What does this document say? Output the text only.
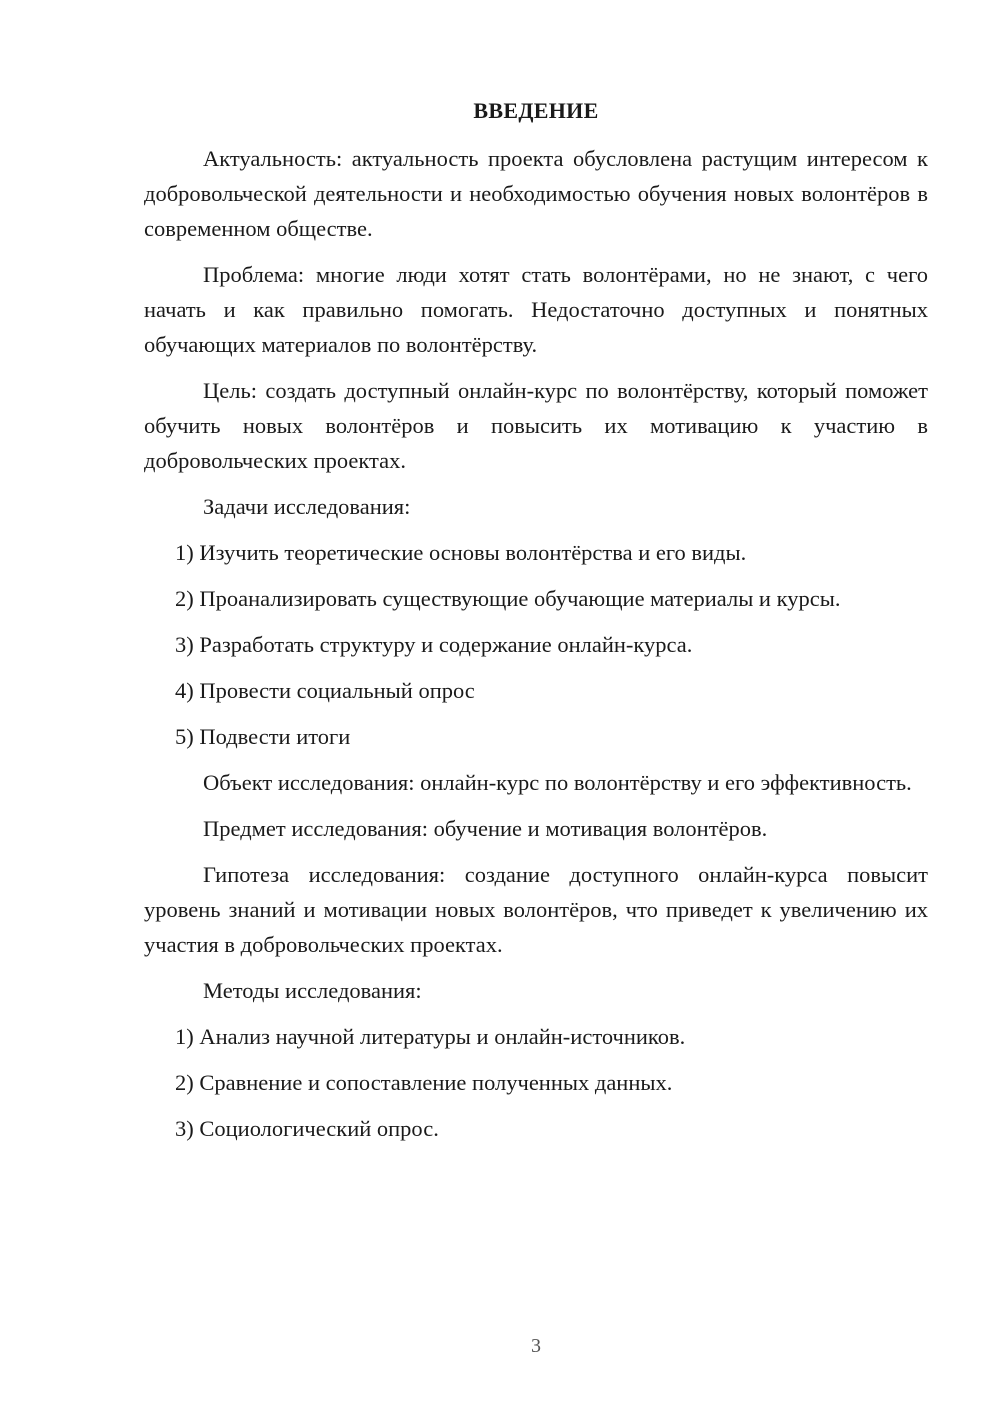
ВВЕДЕНИЕ

Актуальность: актуальность проекта обусловлена растущим интересом к добровольческой деятельности и необходимостью обучения новых волонтёров в современном обществе.

Проблема: многие люди хотят стать волонтёрами, но не знают, с чего начать и как правильно помогать. Недостаточно доступных и понятных обучающих материалов по волонтёрству.

Цель: создать доступный онлайн-курс по волонтёрству, который поможет обучить новых волонтёров и повысить их мотивацию к участию в добровольческих проектах.

Задачи исследования:

1) Изучить теоретические основы волонтёрства и его виды.

2) Проанализировать существующие обучающие материалы и курсы.

3) Разработать структуру и содержание онлайн-курса.

4) Провести социальный опрос

5) Подвести итоги

Объект исследования: онлайн-курс по волонтёрству и его эффективность.

Предмет исследования: обучение и мотивация волонтёров.

Гипотеза исследования: создание доступного онлайн-курса повысит уровень знаний и мотивации новых волонтёров, что приведет к увеличению их участия в добровольческих проектах.

Методы исследования:

1) Анализ научной литературы и онлайн-источников.

2) Сравнение и сопоставление полученных данных.

3) Социологический опрос.

3
